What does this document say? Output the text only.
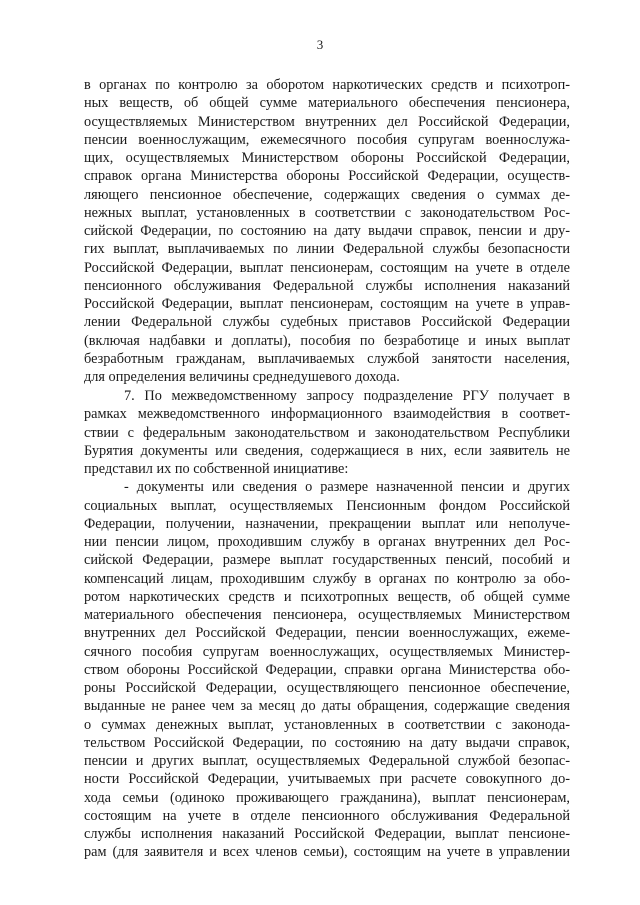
3
в органах по контролю за оборотом наркотических средств и психотроп-
ных веществ, об общей сумме материального обеспечения пенсионера,
осуществляемых Министерством внутренних дел Российской Федерации,
пенсии военнослужащим, ежемесячного пособия супругам военнослужа-
щих, осуществляемых Министерством обороны Российской Федерации,
справок органа Министерства обороны Российской Федерации, осуществ-
ляющего пенсионное обеспечение, содержащих сведения о суммах де-
нежных выплат, установленных в соответствии с законодательством Рос-
сийской Федерации, по состоянию на дату выдачи справок, пенсии и дру-
гих выплат, выплачиваемых по линии Федеральной службы безопасности
Российской Федерации, выплат пенсионерам, состоящим на учете в отделе
пенсионного обслуживания Федеральной службы исполнения наказаний
Российской Федерации, выплат пенсионерам, состоящим на учете в управ-
лении Федеральной службы судебных приставов Российской Федерации
(включая надбавки и доплаты), пособия по безработице и иных выплат
безработным гражданам, выплачиваемых службой занятости населения,
для определения величины среднедушевого дохода.
7. По межведомственному запросу подразделение РГУ получает в
рамках межведомственного информационного взаимодействия в соответ-
ствии с федеральным законодательством и законодательством Республики
Бурятия документы или сведения, содержащиеся в них, если заявитель не
представил их по собственной инициативе:
- документы или сведения о размере назначенной пенсии и других
социальных выплат, осуществляемых Пенсионным фондом Российской
Федерации, получении, назначении, прекращении выплат или неполуче-
нии пенсии лицом, проходившим службу в органах внутренних дел Рос-
сийской Федерации, размере выплат государственных пенсий, пособий и
компенсаций лицам, проходившим службу в органах по контролю за обо-
ротом наркотических средств и психотропных веществ, об общей сумме
материального обеспечения пенсионера, осуществляемых Министерством
внутренних дел Российской Федерации, пенсии военнослужащих, ежеме-
сячного пособия супругам военнослужащих, осуществляемых Министер-
ством обороны Российской Федерации, справки органа Министерства обо-
роны Российской Федерации, осуществляющего пенсионное обеспечение,
выданные не ранее чем за месяц до даты обращения, содержащие сведения
о суммах денежных выплат, установленных в соответствии с законода-
тельством Российской Федерации, по состоянию на дату выдачи справок,
пенсии и других выплат, осуществляемых Федеральной службой безопас-
ности Российской Федерации, учитываемых при расчете совокупного до-
хода семьи (одиноко проживающего гражданина), выплат пенсионерам,
состоящим на учете в отделе пенсионного обслуживания Федеральной
службы исполнения наказаний Российской Федерации, выплат пенсионе-
рам (для заявителя и всех членов семьи), состоящим на учете в управлении
